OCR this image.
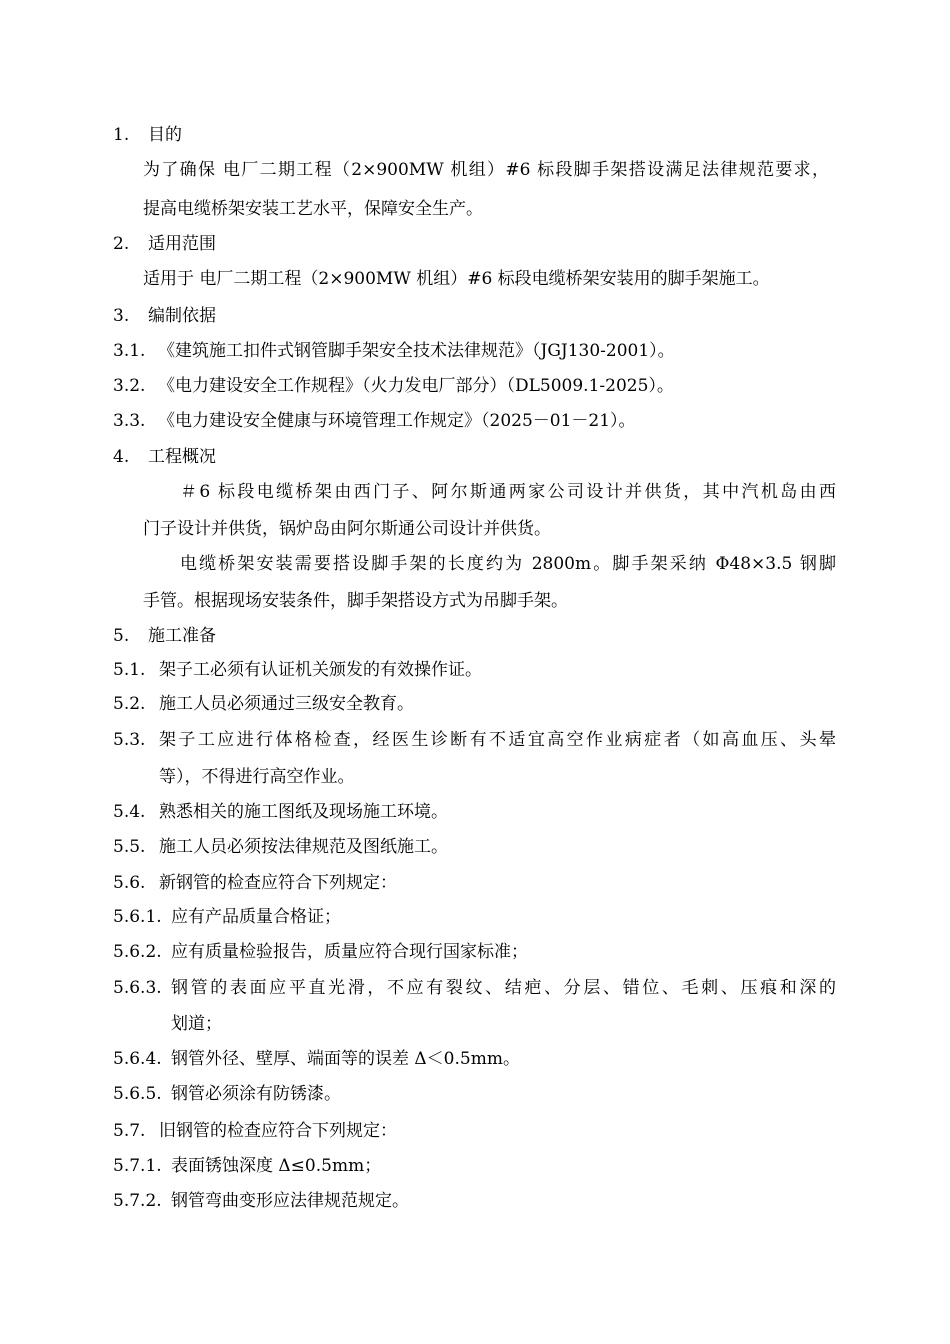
1. 目的
为了确保 电厂二期工程（2×900MW 机组）#6 标段脚手架搭设满足法律规范要求，
提高电缆桥架安装工艺水平，保障安全生产。
2. 适用范围
适用于 电厂二期工程（2×900MW 机组）#6 标段电缆桥架安装用的脚手架施工。
3. 编制依据
3.1. 《建筑施工扣件式钢管脚手架安全技术法律规范》（JGJ130-2001）。
3.2. 《电力建设安全工作规程》（火力发电厂部分）（DL5009.1-2025）。
3.3. 《电力建设安全健康与环境管理工作规定》（2025－01－21）。
4. 工程概况
＃6 标段电缆桥架由西门子、阿尔斯通两家公司设计并供货，其中汽机岛由西
门子设计并供货，锅炉岛由阿尔斯通公司设计并供货。
电缆桥架安装需要搭设脚手架的长度约为 2800m。脚手架采纳 Φ48×3.5 钢脚
手管。根据现场安装条件，脚手架搭设方式为吊脚手架。
5. 施工准备
5.1. 架子工必须有认证机关颁发的有效操作证。
5.2. 施工人员必须通过三级安全教育。
5.3. 架子工应进行体格检查，经医生诊断有不适宜高空作业病症者（如高血压、头晕
等），不得进行高空作业。
5.4. 熟悉相关的施工图纸及现场施工环境。
5.5. 施工人员必须按法律规范及图纸施工。
5.6. 新钢管的检查应符合下列规定：
5.6.1. 应有产品质量合格证；
5.6.2. 应有质量检验报告，质量应符合现行国家标准；
5.6.3. 钢管的表面应平直光滑，不应有裂纹、结疤、分层、错位、毛刺、压痕和深的
划道；
5.6.4. 钢管外径、壁厚、端面等的误差 Δ＜0.5mm。
5.6.5. 钢管必须涂有防锈漆。
5.7. 旧钢管的检查应符合下列规定：
5.7.1. 表面锈蚀深度 Δ≤0.5mm；
5.7.2. 钢管弯曲变形应法律规范规定。
